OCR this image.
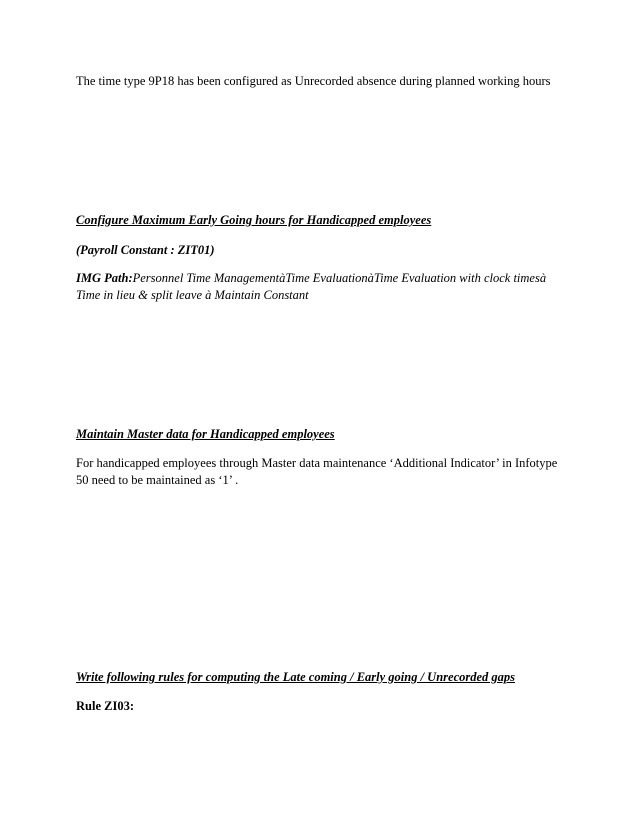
The time type 9P18 has been configured as Unrecorded absence during planned working hours

Configure Maximum Early Going hours for Handicapped employees

(Payroll Constant : ZIT01)

IMG Path:Personnel Time ManagementàTime EvaluationàTime Evaluation with clock timesà
Time in lieu & split leave à Maintain Constant

Maintain Master data for Handicapped employees

For handicapped employees through Master data maintenance ‘Additional Indicator’ in Infotype
50 need to be maintained as ‘1’ .

Write following rules for computing the Late coming / Early going / Unrecorded gaps

Rule ZI03:
